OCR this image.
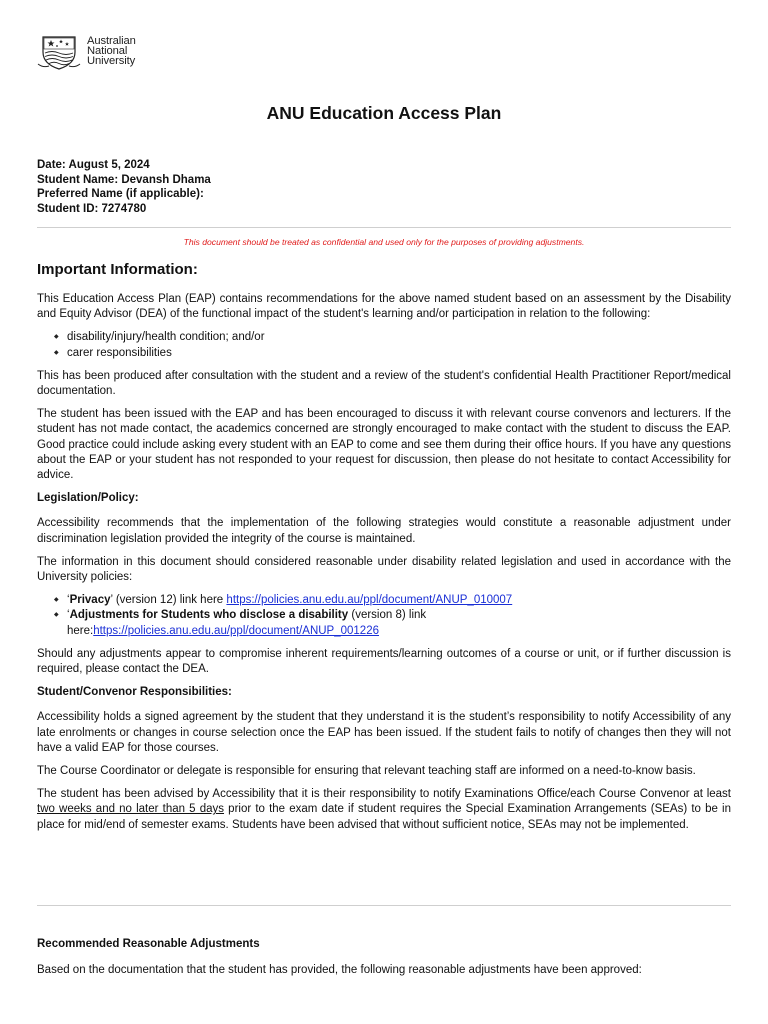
Australian
National
University
ANU Education Access Plan
Date: August 5, 2024
Student Name: Devansh Dhama
Preferred Name (if applicable):
Student ID: 7274780
This document should be treated as confidential and used only for the purposes of providing adjustments.
Important Information:

This Education Access Plan (EAP) contains recommendations for the above named student based on an assessment by the Disability and Equity Advisor (DEA) of the functional impact of the student's learning and/or participation in relation to the following:

◆ disability/injury/health condition; and/or
◆ carer responsibilities

This has been produced after consultation with the student and a review of the student's confidential Health Practitioner Report/medical documentation.

The student has been issued with the EAP and has been encouraged to discuss it with relevant course convenors and lecturers. If the student has not made contact, the academics concerned are strongly encouraged to make contact with the student to discuss the EAP. Good practice could include asking every student with an EAP to come and see them during their office hours. If you have any questions about the EAP or your student has not responded to your request for discussion, then please do not hesitate to contact Accessibility for advice.

Legislation/Policy:

Accessibility recommends that the implementation of the following strategies would constitute a reasonable adjustment under discrimination legislation provided the integrity of the course is maintained.

The information in this document should considered reasonable under disability related legislation and used in accordance with the University policies:

◆ ‘Privacy’ (version 12) link here https://policies.anu.edu.au/ppl/document/ANUP_010007
◆ ‘Adjustments for Students who disclose a disability (version 8) link here:https://policies.anu.edu.au/ppl/document/ANUP_001226

Should any adjustments appear to compromise inherent requirements/learning outcomes of a course or unit, or if further discussion is required, please contact the DEA.

Student/Convenor Responsibilities:

Accessibility holds a signed agreement by the student that they understand it is the student’s responsibility to notify Accessibility of any late enrolments or changes in course selection once the EAP has been issued. If the student fails to notify of changes then they will not have a valid EAP for those courses.

The Course Coordinator or delegate is responsible for ensuring that relevant teaching staff are informed on a need-to-know basis.

The student has been advised by Accessibility that it is their responsibility to notify Examinations Office/each Course Convenor at least two weeks and no later than 5 days prior to the exam date if student requires the Special Examination Arrangements (SEAs) to be in place for mid/end of semester exams. Students have been advised that without sufficient notice, SEAs may not be implemented.

Recommended Reasonable Adjustments

Based on the documentation that the student has provided, the following reasonable adjustments have been approved:
